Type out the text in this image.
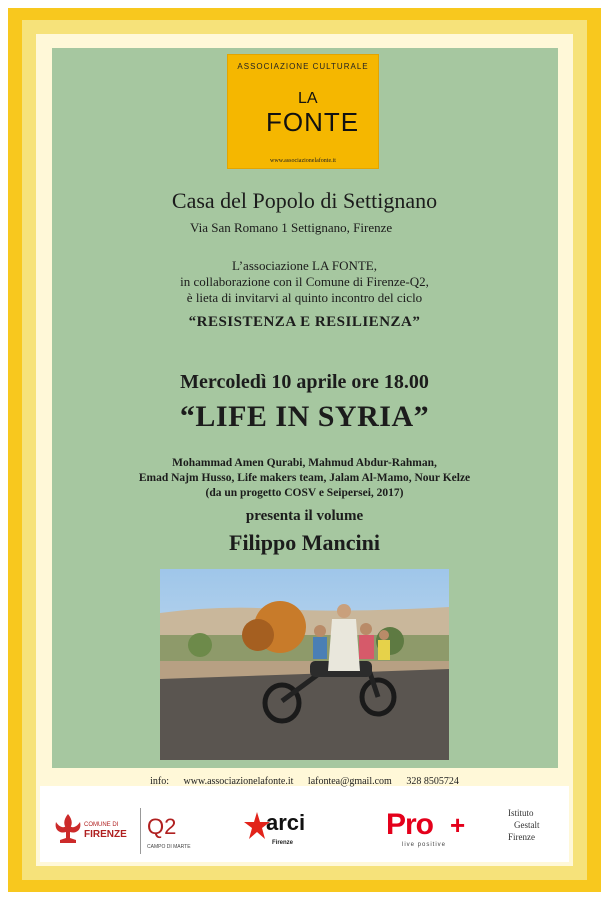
ASSOCIAZIONE CULTURALE
LA
FONTE
www.associazionelafonte.it
Casa del Popolo di Settignano
Via San Romano 1 Settignano, Firenze
L’associazione LA FONTE,
in collaborazione con il Comune di Firenze-Q2,
è lieta di invitarvi al quinto incontro del ciclo
“RESISTENZA E RESILIENZA”
Mercoledì 10 aprile ore 18.00
“LIFE IN SYRIA”
Mohammad Amen Qurabi, Mahmud Abdur-Rahman,
Emad Najm Husso, Life makers team, Jalam Al-Mamo, Nour Kelze
(da un progetto COSV e Seipersei, 2017)
presenta il volume
Filippo Mancini
info: www.associazionelafonte.it lafontea@gmail.com 328 8505724
COMUNE DI
FIRENZE Q2
CAMPO DI MARTE
arci
Firenze
Pro +
live positive
Istituto
Gestalt
Firenze
